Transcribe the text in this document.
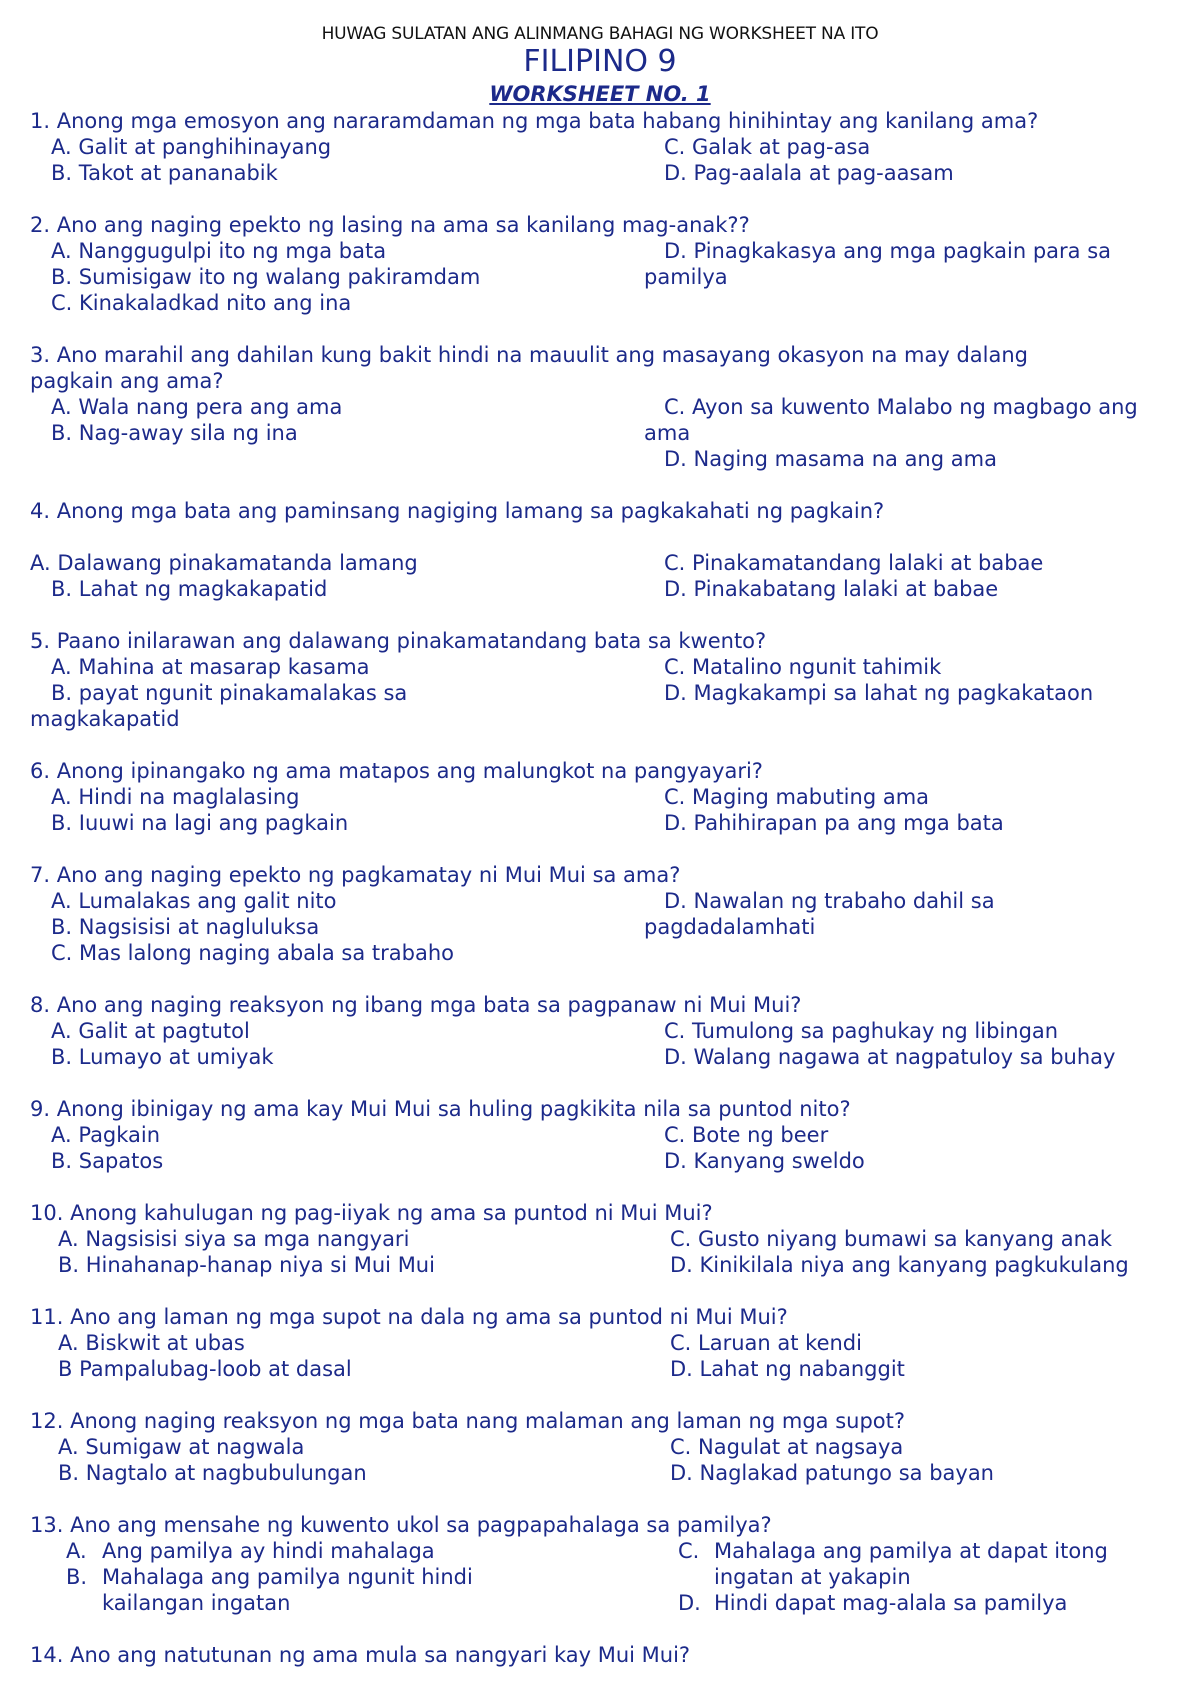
HUWAG SULATAN ANG ALINMANG BAHAGI NG WORKSHEET NA ITO
FILIPINO 9
WORKSHEET NO. 1
1. Anong mga emosyon ang nararamdaman ng mga bata habang hinihintay ang kanilang ama?
A. Galit at panghihinayang
B. Takot at pananabik
C. Galak at pag-asa
D. Pag-aalala at pag-aasam
2. Ano ang naging epekto ng lasing na ama sa kanilang mag-anak??
A. Nanggugulpi ito ng mga bata
B. Sumisigaw ito ng walang pakiramdam
C. Kinakaladkad nito ang ina
D. Pinagkakasya ang mga pagkain para sa
pamilya
3. Ano marahil ang dahilan kung bakit hindi na mauulit ang masayang okasyon na may dalang
pagkain ang ama?
A. Wala nang pera ang ama
B. Nag-away sila ng ina
C. Ayon sa kuwento Malabo ng magbago ang
ama
D. Naging masama na ang ama
4. Anong mga bata ang paminsang nagiging lamang sa pagkakahati ng pagkain?
A. Dalawang pinakamatanda lamang
B. Lahat ng magkakapatid
C. Pinakamatandang lalaki at babae
D. Pinakabatang lalaki at babae
5. Paano inilarawan ang dalawang pinakamatandang bata sa kwento?
A. Mahina at masarap kasama
B. payat ngunit pinakamalakas sa
magkakapatid
C. Matalino ngunit tahimik
D. Magkakampi sa lahat ng pagkakataon
6. Anong ipinangako ng ama matapos ang malungkot na pangyayari?
A. Hindi na maglalasing
B. Iuuwi na lagi ang pagkain
C. Maging mabuting ama
D. Pahihirapan pa ang mga bata
7. Ano ang naging epekto ng pagkamatay ni Mui Mui sa ama?
A. Lumalakas ang galit nito
B. Nagsisisi at nagluluksa
C. Mas lalong naging abala sa trabaho
D. Nawalan ng trabaho dahil sa
pagdadalamhati
8. Ano ang naging reaksyon ng ibang mga bata sa pagpanaw ni Mui Mui?
A. Galit at pagtutol
B. Lumayo at umiyak
C. Tumulong sa paghukay ng libingan
D. Walang nagawa at nagpatuloy sa buhay
9. Anong ibinigay ng ama kay Mui Mui sa huling pagkikita nila sa puntod nito?
A. Pagkain
B. Sapatos
C. Bote ng beer
D. Kanyang sweldo
10. Anong kahulugan ng pag-iiyak ng ama sa puntod ni Mui Mui?
A. Nagsisisi siya sa mga nangyari
B. Hinahanap-hanap niya si Mui Mui
C. Gusto niyang bumawi sa kanyang anak
D. Kinikilala niya ang kanyang pagkukulang
11. Ano ang laman ng mga supot na dala ng ama sa puntod ni Mui Mui?
A. Biskwit at ubas
B Pampalubag-loob at dasal
C. Laruan at kendi
D. Lahat ng nabanggit
12. Anong naging reaksyon ng mga bata nang malaman ang laman ng mga supot?
A. Sumigaw at nagwala
B. Nagtalo at nagbubulungan
C. Nagulat at nagsaya
D. Naglakad patungo sa bayan
13. Ano ang mensahe ng kuwento ukol sa pagpapahalaga sa pamilya?
A. Ang pamilya ay hindi mahalaga
B. Mahalaga ang pamilya ngunit hindi
kailangan ingatan
C. Mahalaga ang pamilya at dapat itong
ingatan at yakapin
D. Hindi dapat mag-alala sa pamilya
14. Ano ang natutunan ng ama mula sa nangyari kay Mui Mui?
